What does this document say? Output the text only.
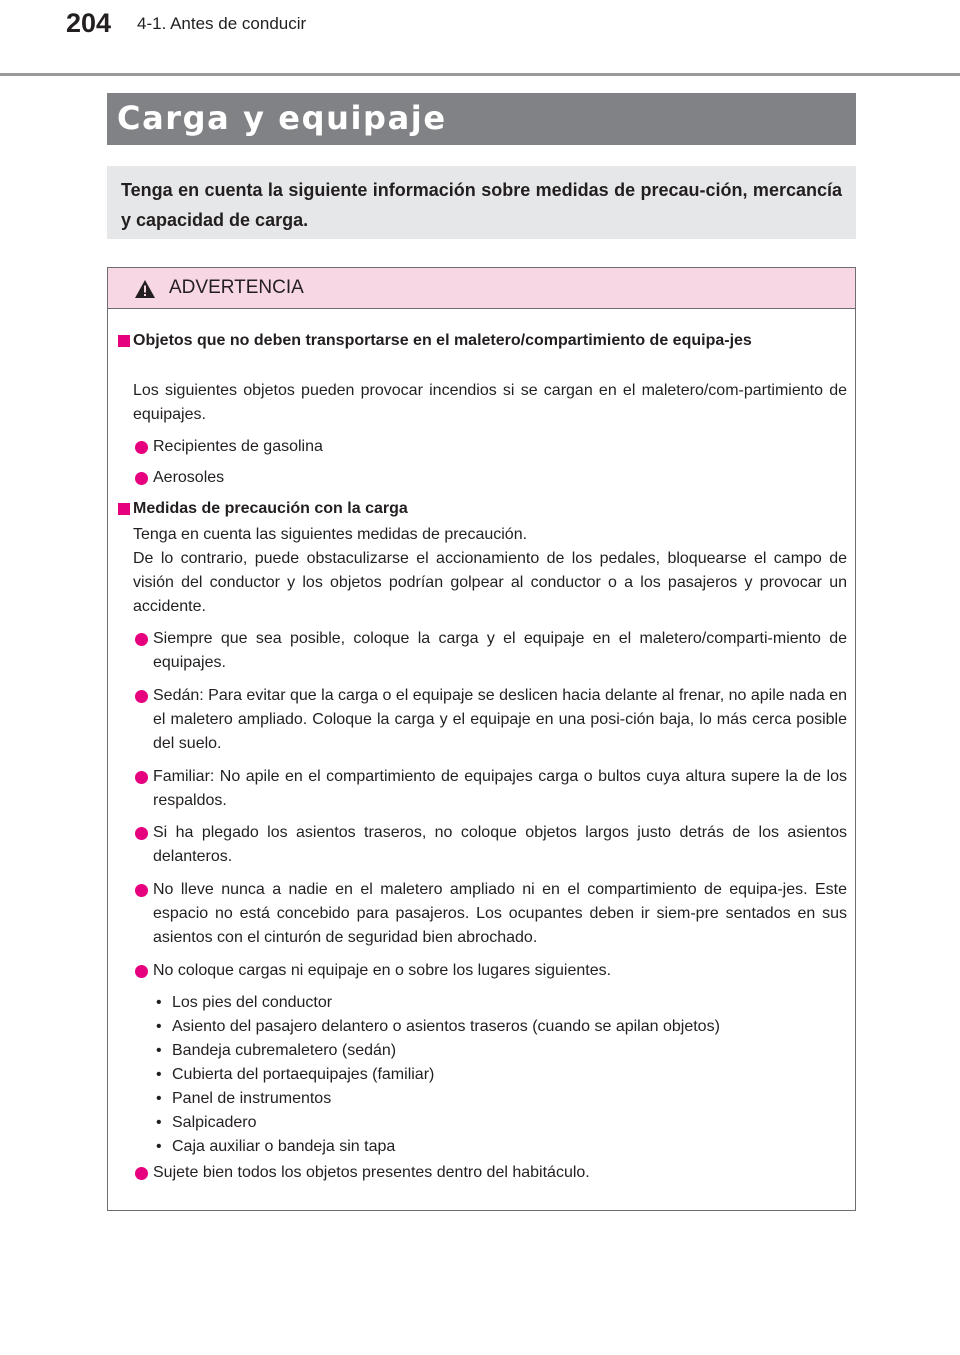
204 4-1. Antes de conducir
Carga y equipaje

Tenga en cuenta la siguiente información sobre medidas de precau-ción, mercancía y capacidad de carga.

ADVERTENCIA
Objetos que no deben transportarse en el maletero/compartimiento de equipa-jes
Los siguientes objetos pueden provocar incendios si se cargan en el maletero/com-partimiento de equipajes.
Recipientes de gasolina
Aerosoles
Medidas de precaución con la carga
Tenga en cuenta las siguientes medidas de precaución.
De lo contrario, puede obstaculizarse el accionamiento de los pedales, bloquearse el campo de visión del conductor y los objetos podrían golpear al conductor o a los pasajeros y provocar un accidente.
Siempre que sea posible, coloque la carga y el equipaje en el maletero/comparti-miento de equipajes.
Sedán: Para evitar que la carga o el equipaje se deslicen hacia delante al frenar, no apile nada en el maletero ampliado. Coloque la carga y el equipaje en una posi-ción baja, lo más cerca posible del suelo.
Familiar: No apile en el compartimiento de equipajes carga o bultos cuya altura supere la de los respaldos.
Si ha plegado los asientos traseros, no coloque objetos largos justo detrás de los asientos delanteros.
No lleve nunca a nadie en el maletero ampliado ni en el compartimiento de equipa-jes. Este espacio no está concebido para pasajeros. Los ocupantes deben ir siem-pre sentados en sus asientos con el cinturón de seguridad bien abrochado.
No coloque cargas ni equipaje en o sobre los lugares siguientes.
• Los pies del conductor
• Asiento del pasajero delantero o asientos traseros (cuando se apilan objetos)
• Bandeja cubremaletero (sedán)
• Cubierta del portaequipajes (familiar)
• Panel de instrumentos
• Salpicadero
• Caja auxiliar o bandeja sin tapa
Sujete bien todos los objetos presentes dentro del habitáculo.
